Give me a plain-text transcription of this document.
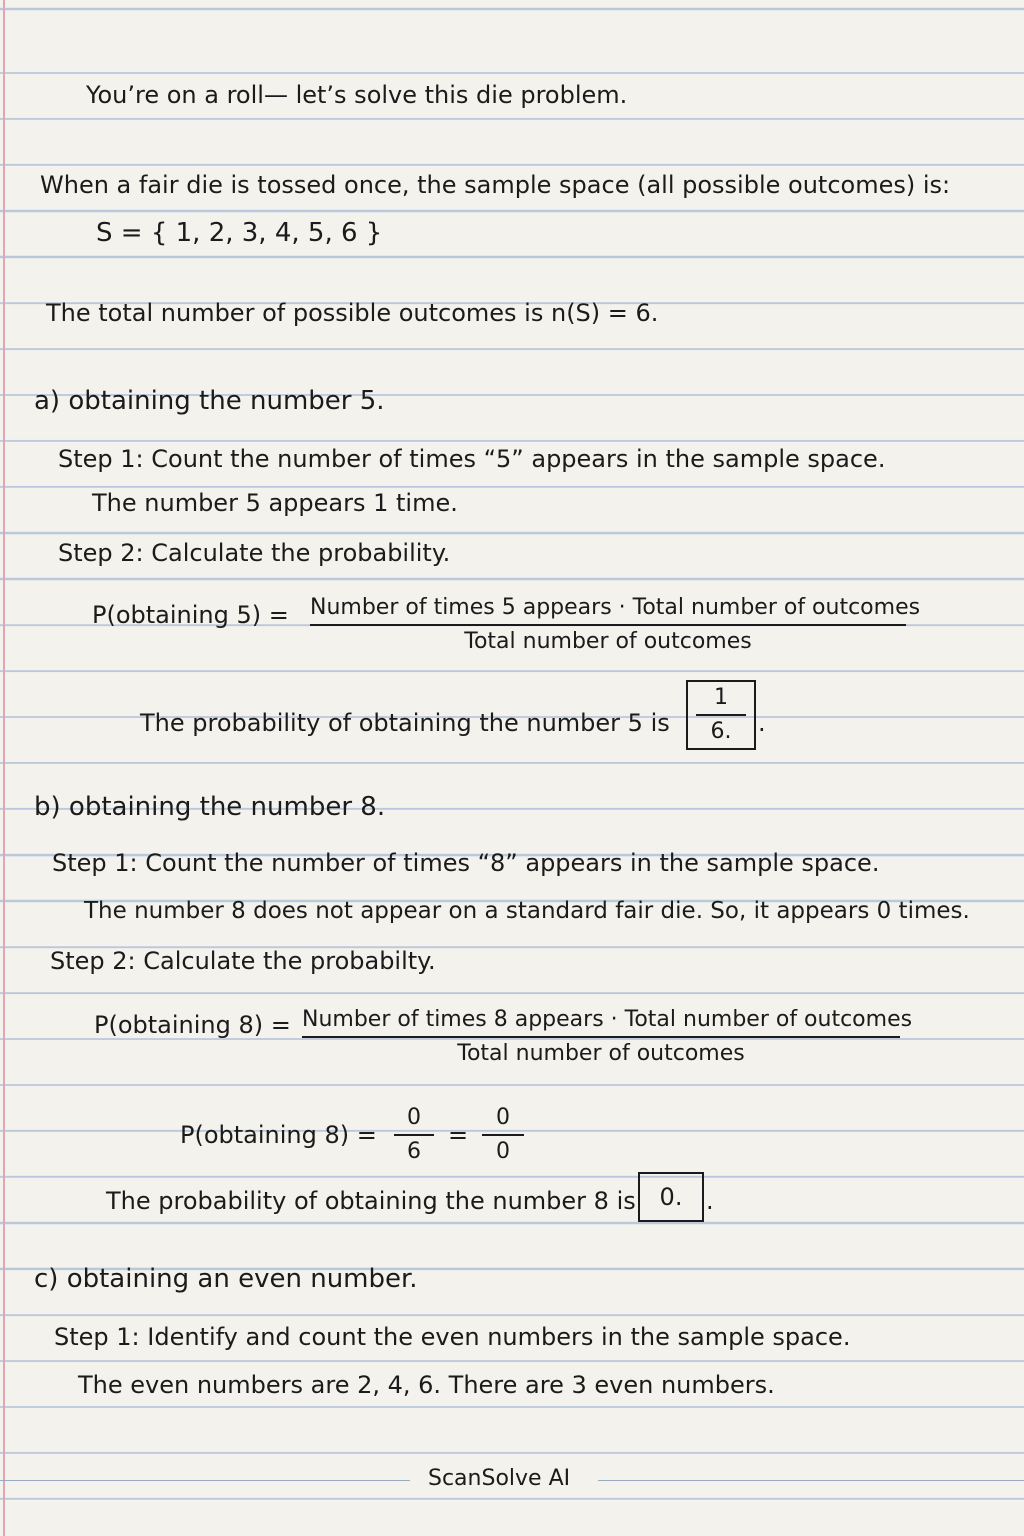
You’re on a roll— let’s solve this die problem.
When a fair die is tossed once, the sample space (all possible outcomes) is:
S = { 1, 2, 3, 4, 5, 6 }
The total number of possible outcomes is n(S) = 6.
a) obtaining the number 5.
Step 1: Count the number of times “5” appears in the sample space.
The number 5 appears 1 time.
Step 2: Calculate the probability.
P(obtaining 5) = Number of times 5 appears · Total number of outcomes
Total number of outcomes
The probability of obtaining the number 5 is
1
6.	.
b) obtaining the number 8.
Step 1: Count the number of times “8” appears in the sample space.
The number 8 does not appear on a standard fair die. So, it appears 0 times.
Step 2: Calculate the probabilty.
P(obtaining 8) = Number of times 8 appears · Total number of outcomes
Total number of outcomes
P(obtaining 8) =
0
6
=
0
0
The probability of obtaining the number 8 is 0. .
c) obtaining an even number.
Step 1: Identify and count the even numbers in the sample space.
The even numbers are 2, 4, 6. There are 3 even numbers.
ScanSolve AI
